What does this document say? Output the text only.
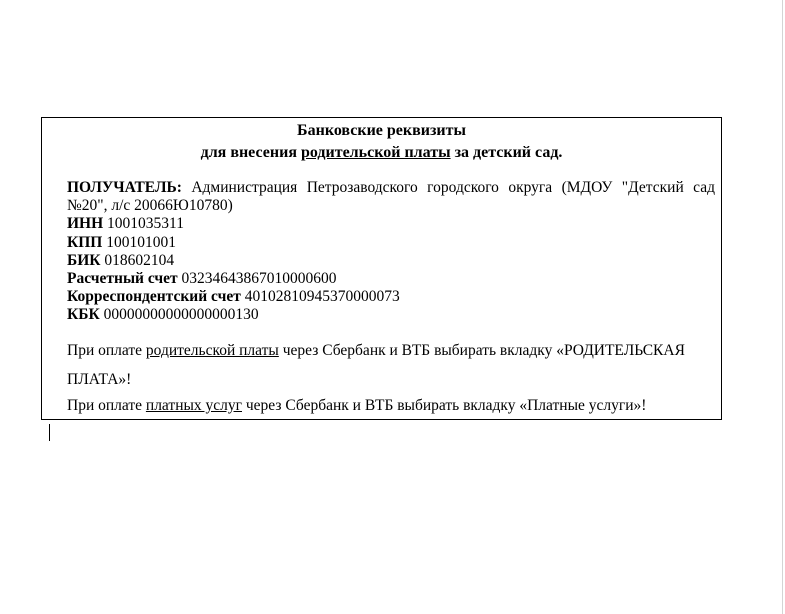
Банковские реквизиты
для внесения родительской платы за детский сад.
ПОЛУЧАТЕЛЬ: Администрация Петрозаводского городского округа (МДОУ "Детский сад №20", л/с 20066Ю10780)
ИНН 1001035311
КПП 100101001
БИК 018602104
Расчетный счет 03234643867010000600
Корреспондентский счет 40102810945370000073
КБК 00000000000000000130
При оплате родительской платы через Сбербанк и ВТБ выбирать вкладку «РОДИТЕЛЬСКАЯ ПЛАТА»!
При оплате платных услуг через Сбербанк и ВТБ выбирать вкладку «Платные услуги»!
